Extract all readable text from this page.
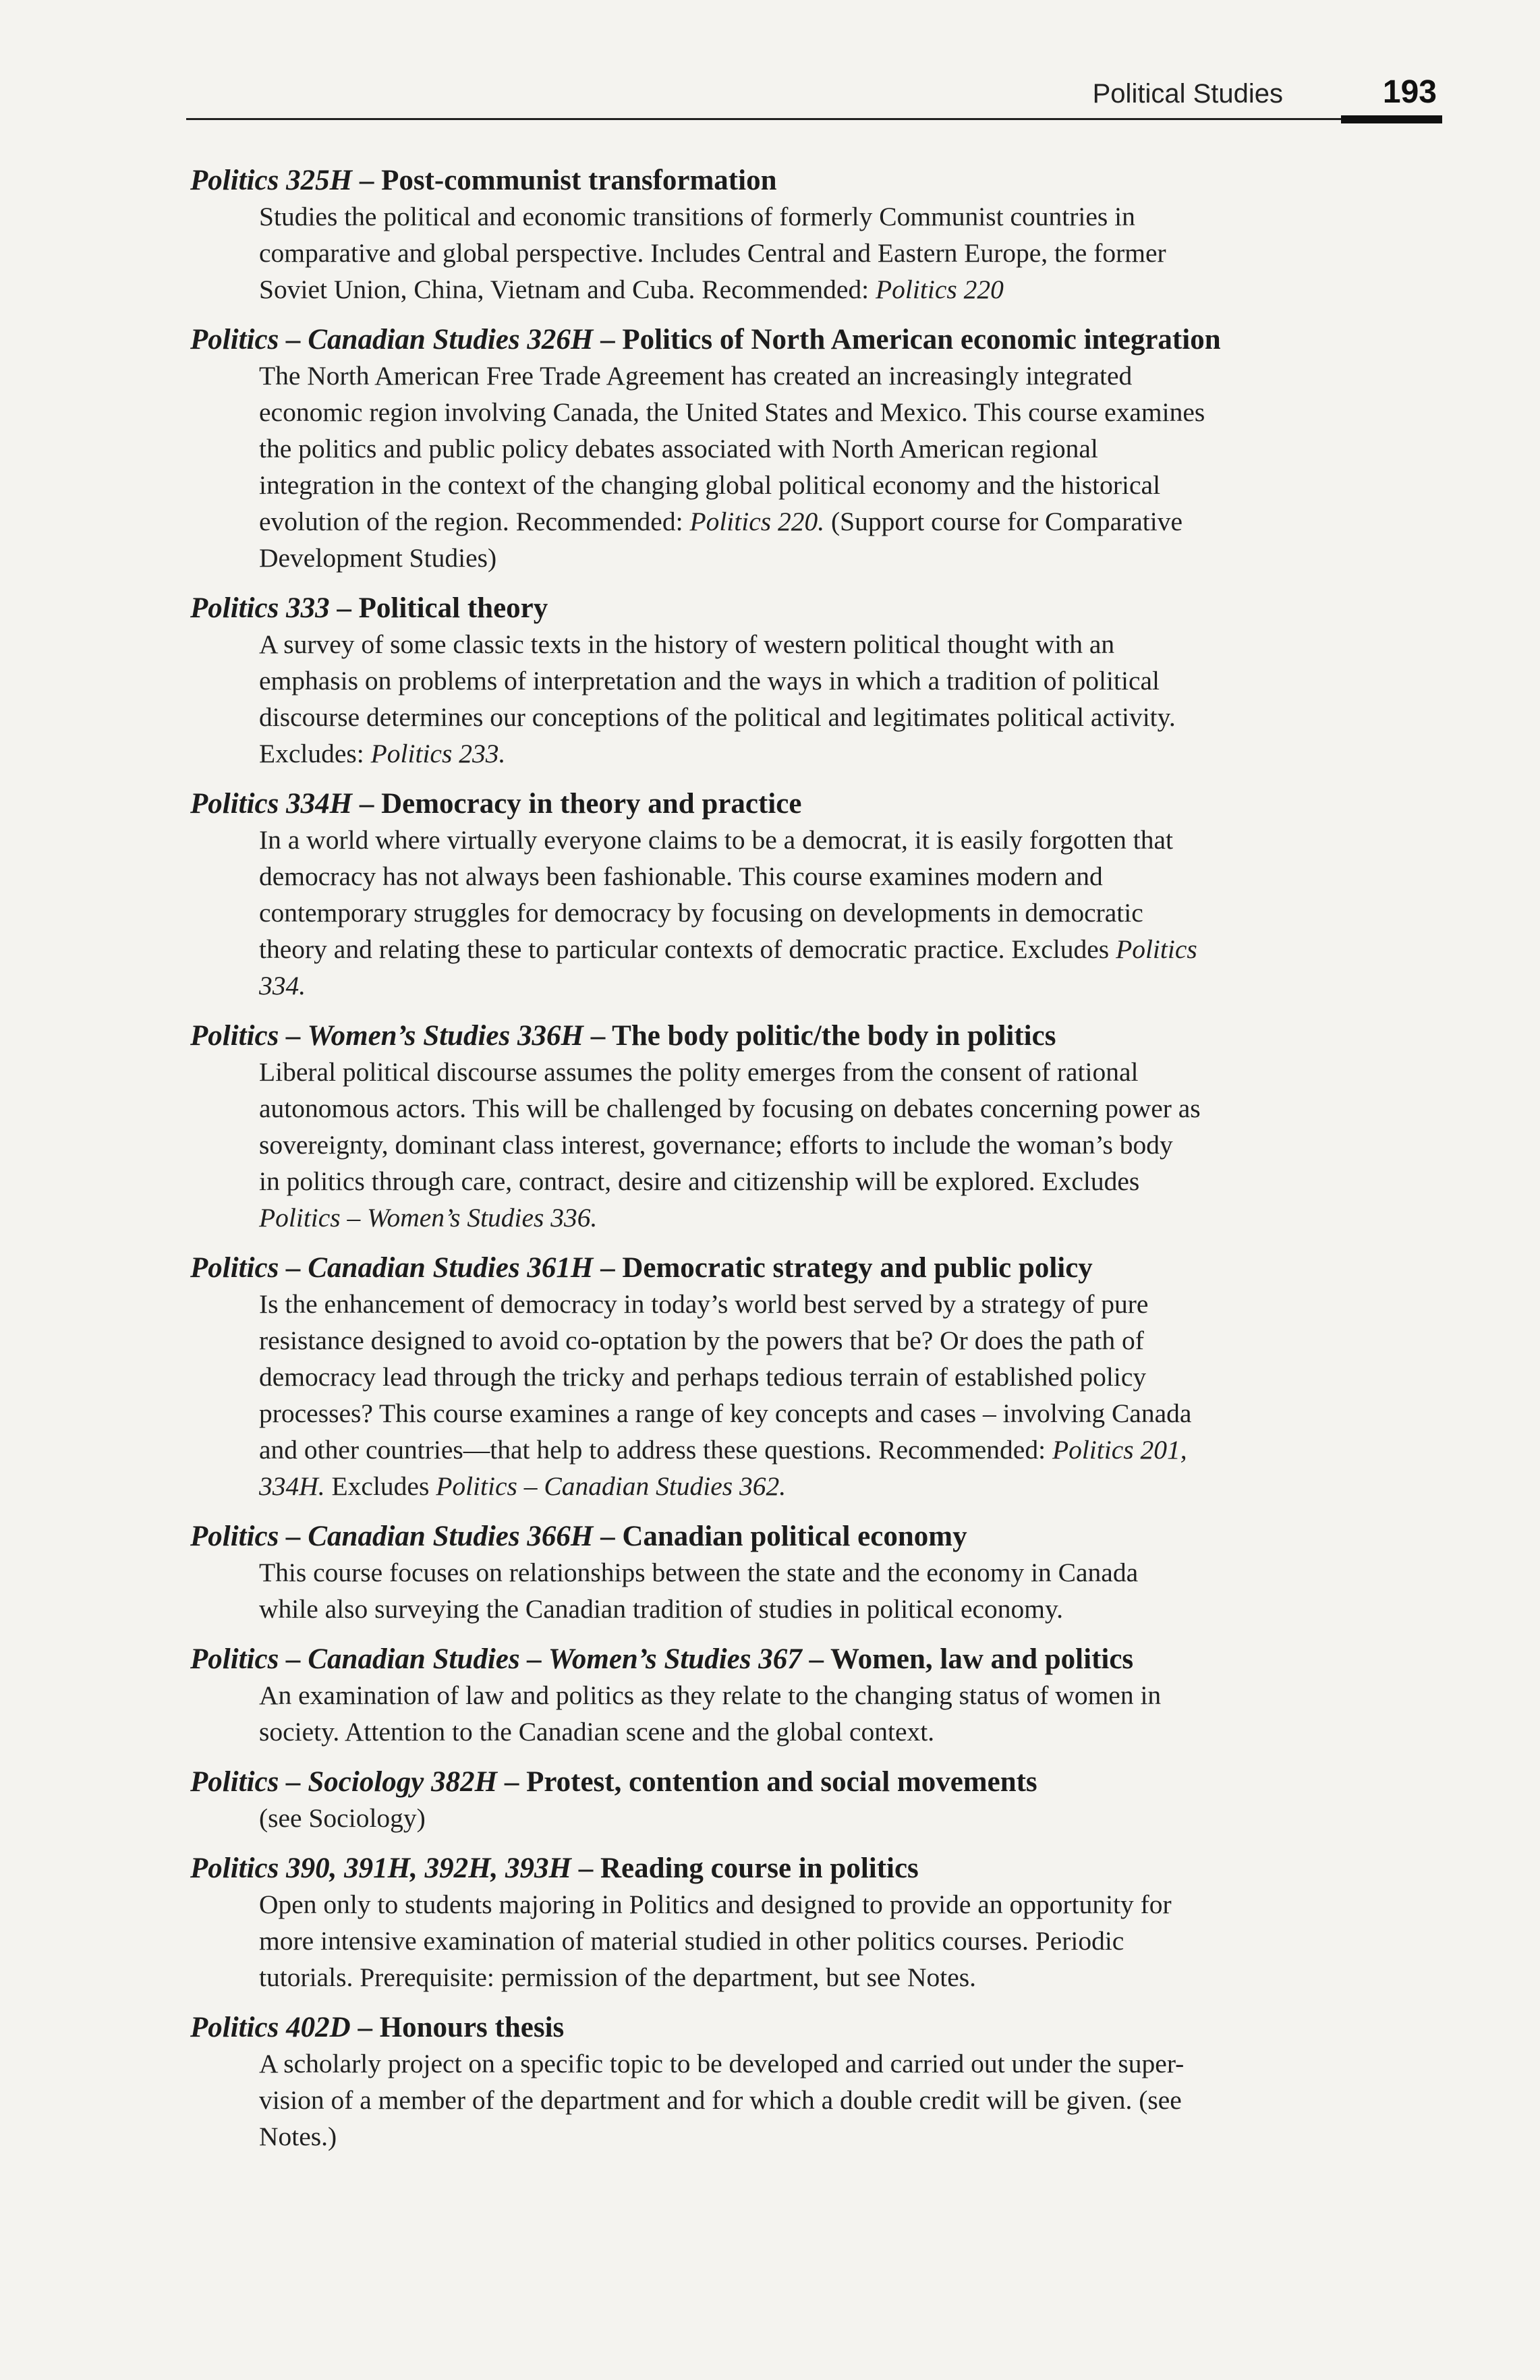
Political Studies	193
Politics 325H – Post-communist transformation
Studies the political and economic transitions of formerly Communist countries in
comparative and global perspective. Includes Central and Eastern Europe, the former
Soviet Union, China, Vietnam and Cuba. Recommended: Politics 220
Politics – Canadian Studies 326H – Politics of North American economic integration
The North American Free Trade Agreement has created an increasingly integrated
economic region involving Canada, the United States and Mexico. This course examines
the politics and public policy debates associated with North American regional
integration in the context of the changing global political economy and the historical
evolution of the region. Recommended: Politics 220. (Support course for Comparative
Development Studies)
Politics 333 – Political theory
A survey of some classic texts in the history of western political thought with an
emphasis on problems of interpretation and the ways in which a tradition of political
discourse determines our conceptions of the political and legitimates political activity.
Excludes: Politics 233.
Politics 334H – Democracy in theory and practice
In a world where virtually everyone claims to be a democrat, it is easily forgotten that
democracy has not always been fashionable. This course examines modern and
contemporary struggles for democracy by focusing on developments in democratic
theory and relating these to particular contexts of democratic practice. Excludes Politics
334.
Politics – Women’s Studies 336H – The body politic/the body in politics
Liberal political discourse assumes the polity emerges from the consent of rational
autonomous actors. This will be challenged by focusing on debates concerning power as
sovereignty, dominant class interest, governance; efforts to include the woman’s body
in politics through care, contract, desire and citizenship will be explored. Excludes
Politics – Women’s Studies 336.
Politics – Canadian Studies 361H – Democratic strategy and public policy
Is the enhancement of democracy in today’s world best served by a strategy of pure
resistance designed to avoid co-optation by the powers that be? Or does the path of
democracy lead through the tricky and perhaps tedious terrain of established policy
processes? This course examines a range of key concepts and cases – involving Canada
and other countries—that help to address these questions. Recommended: Politics 201,
334H. Excludes Politics – Canadian Studies 362.
Politics – Canadian Studies 366H – Canadian political economy
This course focuses on relationships between the state and the economy in Canada
while also surveying the Canadian tradition of studies in political economy.
Politics – Canadian Studies – Women’s Studies 367 – Women, law and politics
An examination of law and politics as they relate to the changing status of women in
society. Attention to the Canadian scene and the global context.
Politics – Sociology 382H – Protest, contention and social movements
(see Sociology)
Politics 390, 391H, 392H, 393H – Reading course in politics
Open only to students majoring in Politics and designed to provide an opportunity for
more intensive examination of material studied in other politics courses. Periodic
tutorials. Prerequisite: permission of the department, but see Notes.
Politics 402D – Honours thesis
A scholarly project on a specific topic to be developed and carried out under the super-
vision of a member of the department and for which a double credit will be given. (see
Notes.)
